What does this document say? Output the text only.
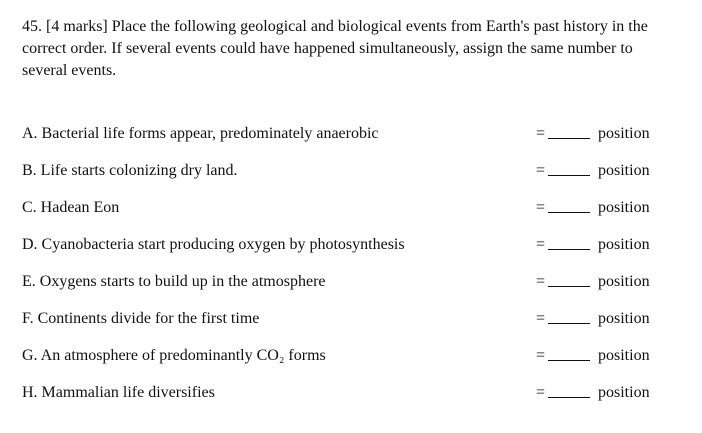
45. [4 marks] Place the following geological and biological events from Earth's past history in the correct order. If several events could have happened simultaneously, assign the same number to several events.
A. Bacterial life forms appear, predominately anaerobic	=	position
B. Life starts colonizing dry land.	=	position
C. Hadean Eon	=	position
D. Cyanobacteria start producing oxygen by photosynthesis	=	position
E. Oxygens starts to build up in the atmosphere	=	position
F. Continents divide for the first time	=	position
G. An atmosphere of predominantly CO₂ forms	=	position
H. Mammalian life diversifies	=	position
